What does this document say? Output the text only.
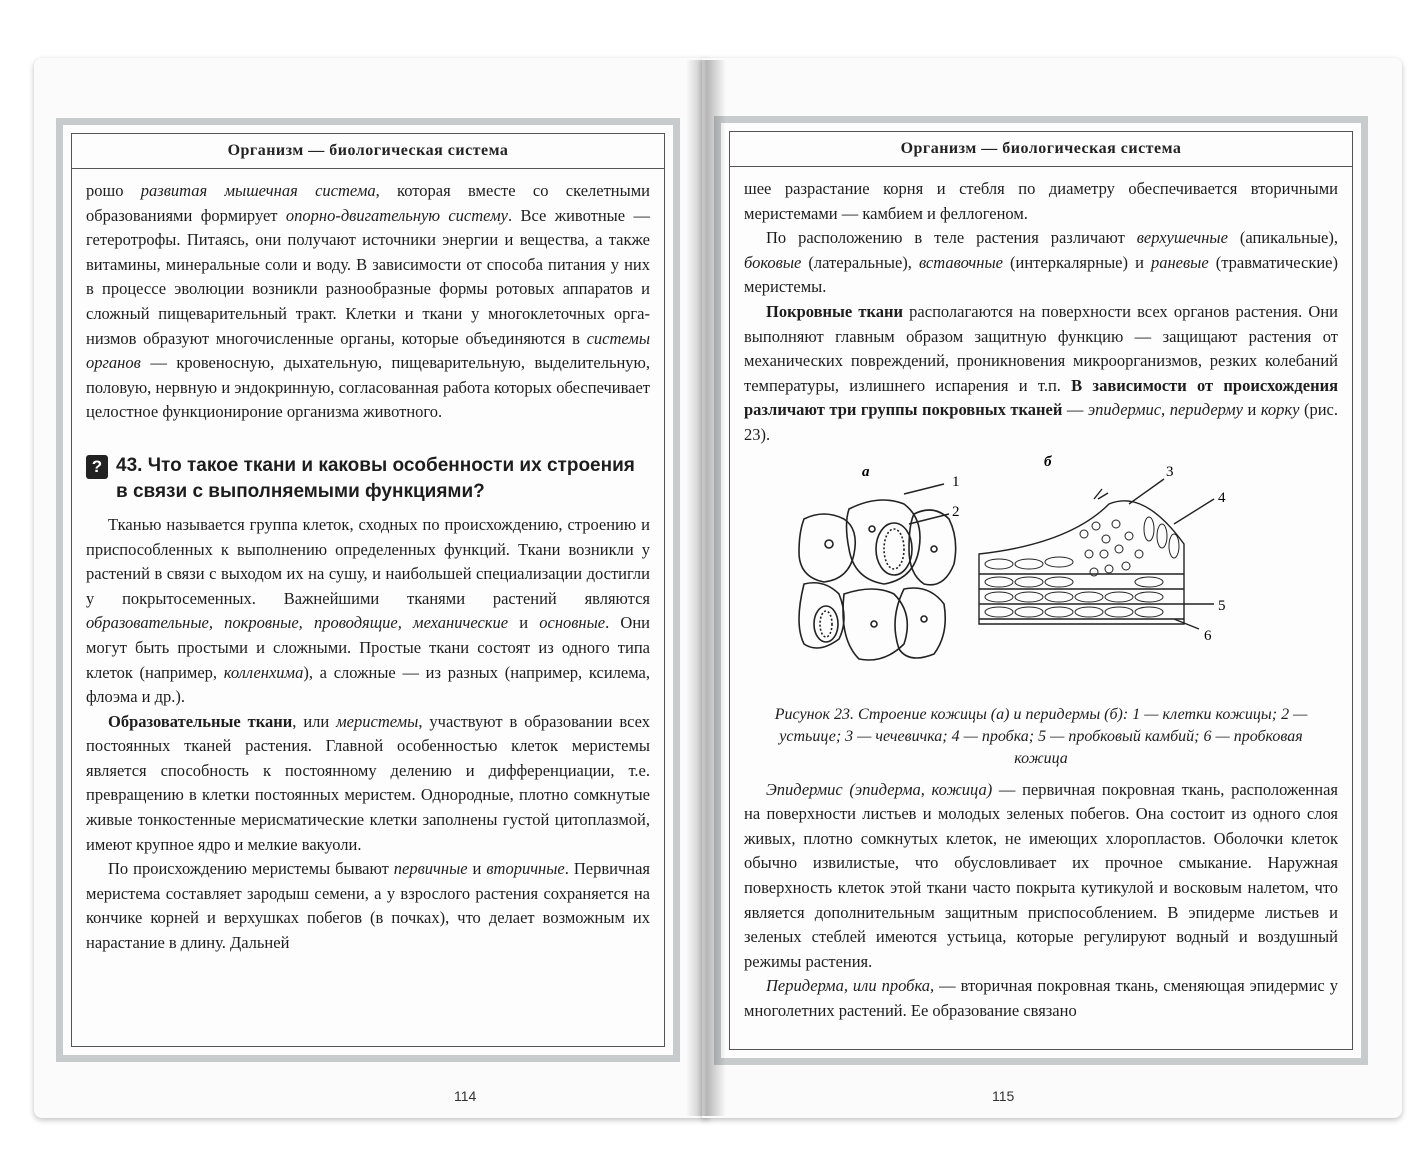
Организм — биологическая система

рошо развитая мышечная система, которая вместе со скелетными образованиями формирует опорно-двигательную систему. Все животные — гетеротрофы. Питаясь, они получают источники энергии и вещества, а также витамины, минеральные соли и воду. В зависимости от способа питания у них в процессе эволюции возникли разнообразные формы ротовых аппаратов и сложный пищеварительный тракт. Клетки и ткани у многоклеточных организмов образуют многочисленные органы, которые объединяются в системы органов — кровеносную, дыхательную, пищеварительную, выделительную, половую, нервную и эндокринную, согласованная работа которых обеспечивает целостное функционироние организма животного.

? 43. Что такое ткани и каковы особенности их строения в связи с выполняемыми функциями?

Тканью называется группа клеток, сходных по происхождению, строению и приспособленных к выполнению определенных функций. Ткани возникли у растений в связи с выходом их на сушу, и наибольшей специализации достигли у покрытосеменных. Важнейшими тканями растений являются образовательные, покровные, проводящие, механические и основные. Они могут быть простыми и сложными. Простые ткани состоят из одного типа клеток (например, колленхима), а сложные — из разных (например, ксилема, флоэма и др.).

Образовательные ткани, или меристемы, участвуют в образовании всех постоянных тканей растения. Главной особенностью клеток меристемы является способность к постоянному делению и дифференциации, т.е. превращению в клетки постоянных меристем. Однородные, плотно сомкнутые живые тонкостенные мерисматические клетки заполнены густой цитоплазмой, имеют крупное ядро и мелкие вакуоли.

По происхождению меристемы бывают первичные и вторичные. Первичная меристема составляет зародыш семени, а у взрослого растения сохраняется на кончике корней и верхушках побегов (в почках), что делает возможным их нарастание в длину. Дальней

114
Организм — биологическая система

шее разрастание корня и стебля по диаметру обеспечивается вторичными меристемами — камбием и феллогеном.

По расположению в теле растения различают верхушечные (апикальные), боковые (латеральные), вставочные (интеркалярные) и раневые (травматические) меристемы.

Покровные ткани располагаются на поверхности всех органов растения. Они выполняют главным образом защитную функцию — защищают растения от механических повреждений, проникновения микроорганизмов, резких колебаний температуры, излишнего испарения и т.п. В зависимости от происхождения различают три группы покровных тканей — эпидермис, перидерму и корку (рис. 23).

а
1
2
б
3
4
5
6
Рисунок 23. Строение кожицы (а) и перидермы (б): 1 — клетки кожицы; 2 — устьице; 3 — чечевичка; 4 — пробка; 5 — пробковый камбий; 6 — пробковая кожица

Эпидермис (эпидерма, кожица) — первичная покровная ткань, расположенная на поверхности листьев и молодых зеленых побегов. Она состоит из одного слоя живых, плотно сомкнутых клеток, не имеющих хлоропластов. Оболочки клеток обычно извилистые, что обусловливает их прочное смыкание. Наружная поверхность клеток этой ткани часто покрыта кутикулой и восковым налетом, что является дополнительным защитным приспособлением. В эпидерме листьев и зеленых стеблей имеются устьица, которые регулируют водный и воздушный режимы растения.

Перидерма, или пробка, — вторичная покровная ткань, сменяющая эпидермис у многолетних растений. Ее образование связано

115
